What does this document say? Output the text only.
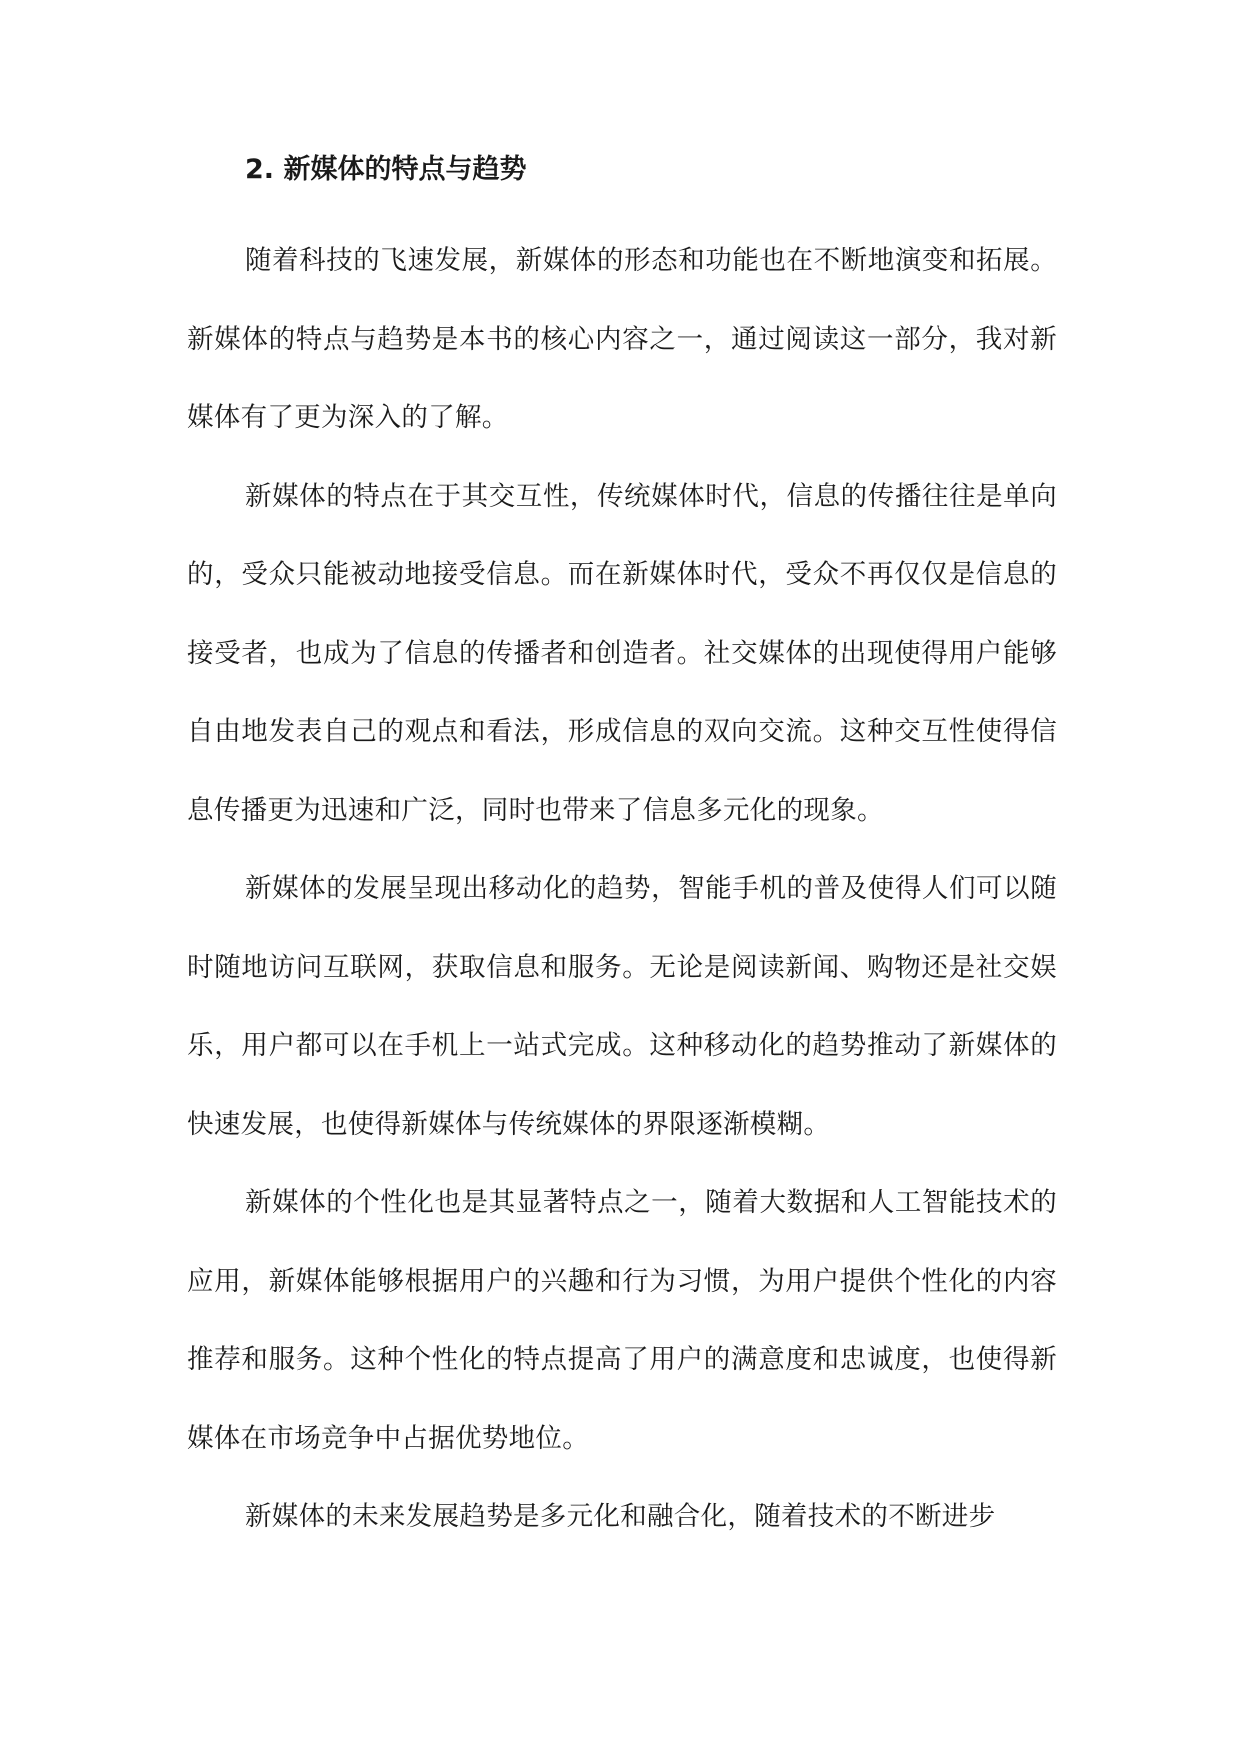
2. 新媒体的特点与趋势

随着科技的飞速发展，新媒体的形态和功能也在不断地演变和拓展。新媒体的特点与趋势是本书的核心内容之一，通过阅读这一部分，我对新媒体有了更为深入的了解。

新媒体的特点在于其交互性，传统媒体时代，信息的传播往往是单向的，受众只能被动地接受信息。而在新媒体时代，受众不再仅仅是信息的接受者，也成为了信息的传播者和创造者。社交媒体的出现使得用户能够自由地发表自己的观点和看法，形成信息的双向交流。这种交互性使得信息传播更为迅速和广泛，同时也带来了信息多元化的现象。

新媒体的发展呈现出移动化的趋势，智能手机的普及使得人们可以随时随地访问互联网，获取信息和服务。无论是阅读新闻、购物还是社交娱乐，用户都可以在手机上一站式完成。这种移动化的趋势推动了新媒体的快速发展，也使得新媒体与传统媒体的界限逐渐模糊。

新媒体的个性化也是其显著特点之一，随着大数据和人工智能技术的应用，新媒体能够根据用户的兴趣和行为习惯，为用户提供个性化的内容推荐和服务。这种个性化的特点提高了用户的满意度和忠诚度，也使得新媒体在市场竞争中占据优势地位。

新媒体的未来发展趋势是多元化和融合化，随着技术的不断进步
